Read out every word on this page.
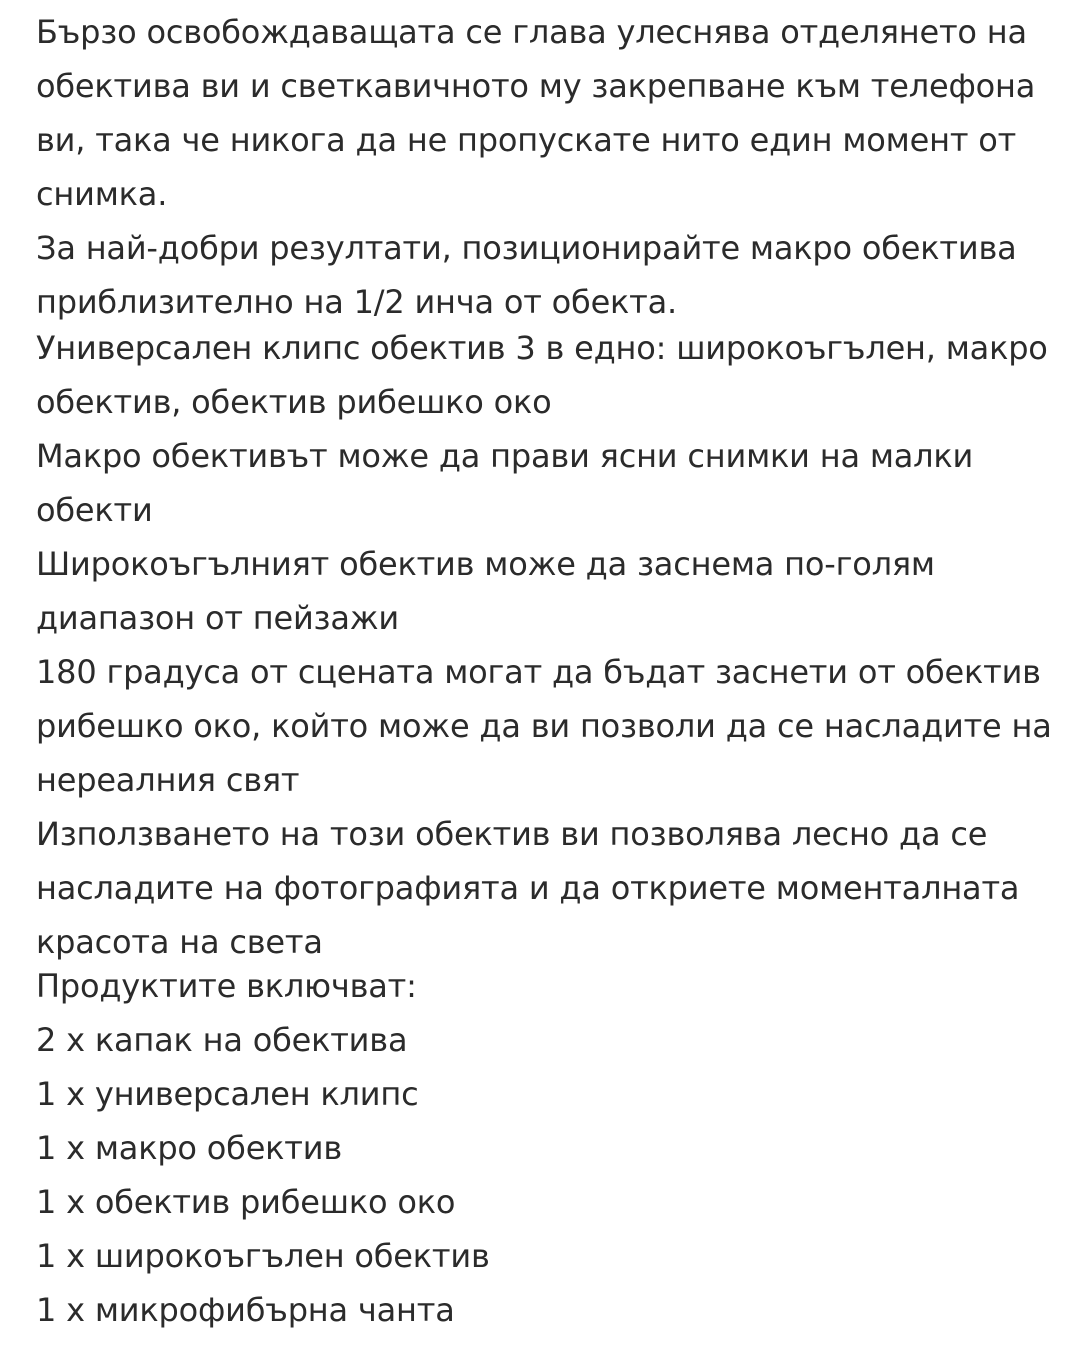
Бързо освобождаващата се глава улеснява отделянето на обектива ви и светкавичното му закрепване към телефона ви, така че никога да не пропускате нито един момент от снимка.

За най-добри резултати, позиционирайте макро обектива приблизително на 1/2 инча от обекта.

Универсален клипс обектив 3 в едно: широкоъгълен, макро обектив, обектив рибешко око

Макро обективът може да прави ясни снимки на малки обекти

Широкоъгълният обектив може да заснема по-голям диапазон от пейзажи

180 градуса от сцената могат да бъдат заснети от обектив рибешко око, който може да ви позволи да се насладите на нереалния свят

Използването на този обектив ви позволява лесно да се насладите на фотографията и да откриете моменталната красота на света

Продуктите включват:

2 x капак на обектива

1 x универсален клипс

1 x макро обектив

1 x обектив рибешко око

1 x широкоъгълен обектив

1 x микрофибърна чанта
